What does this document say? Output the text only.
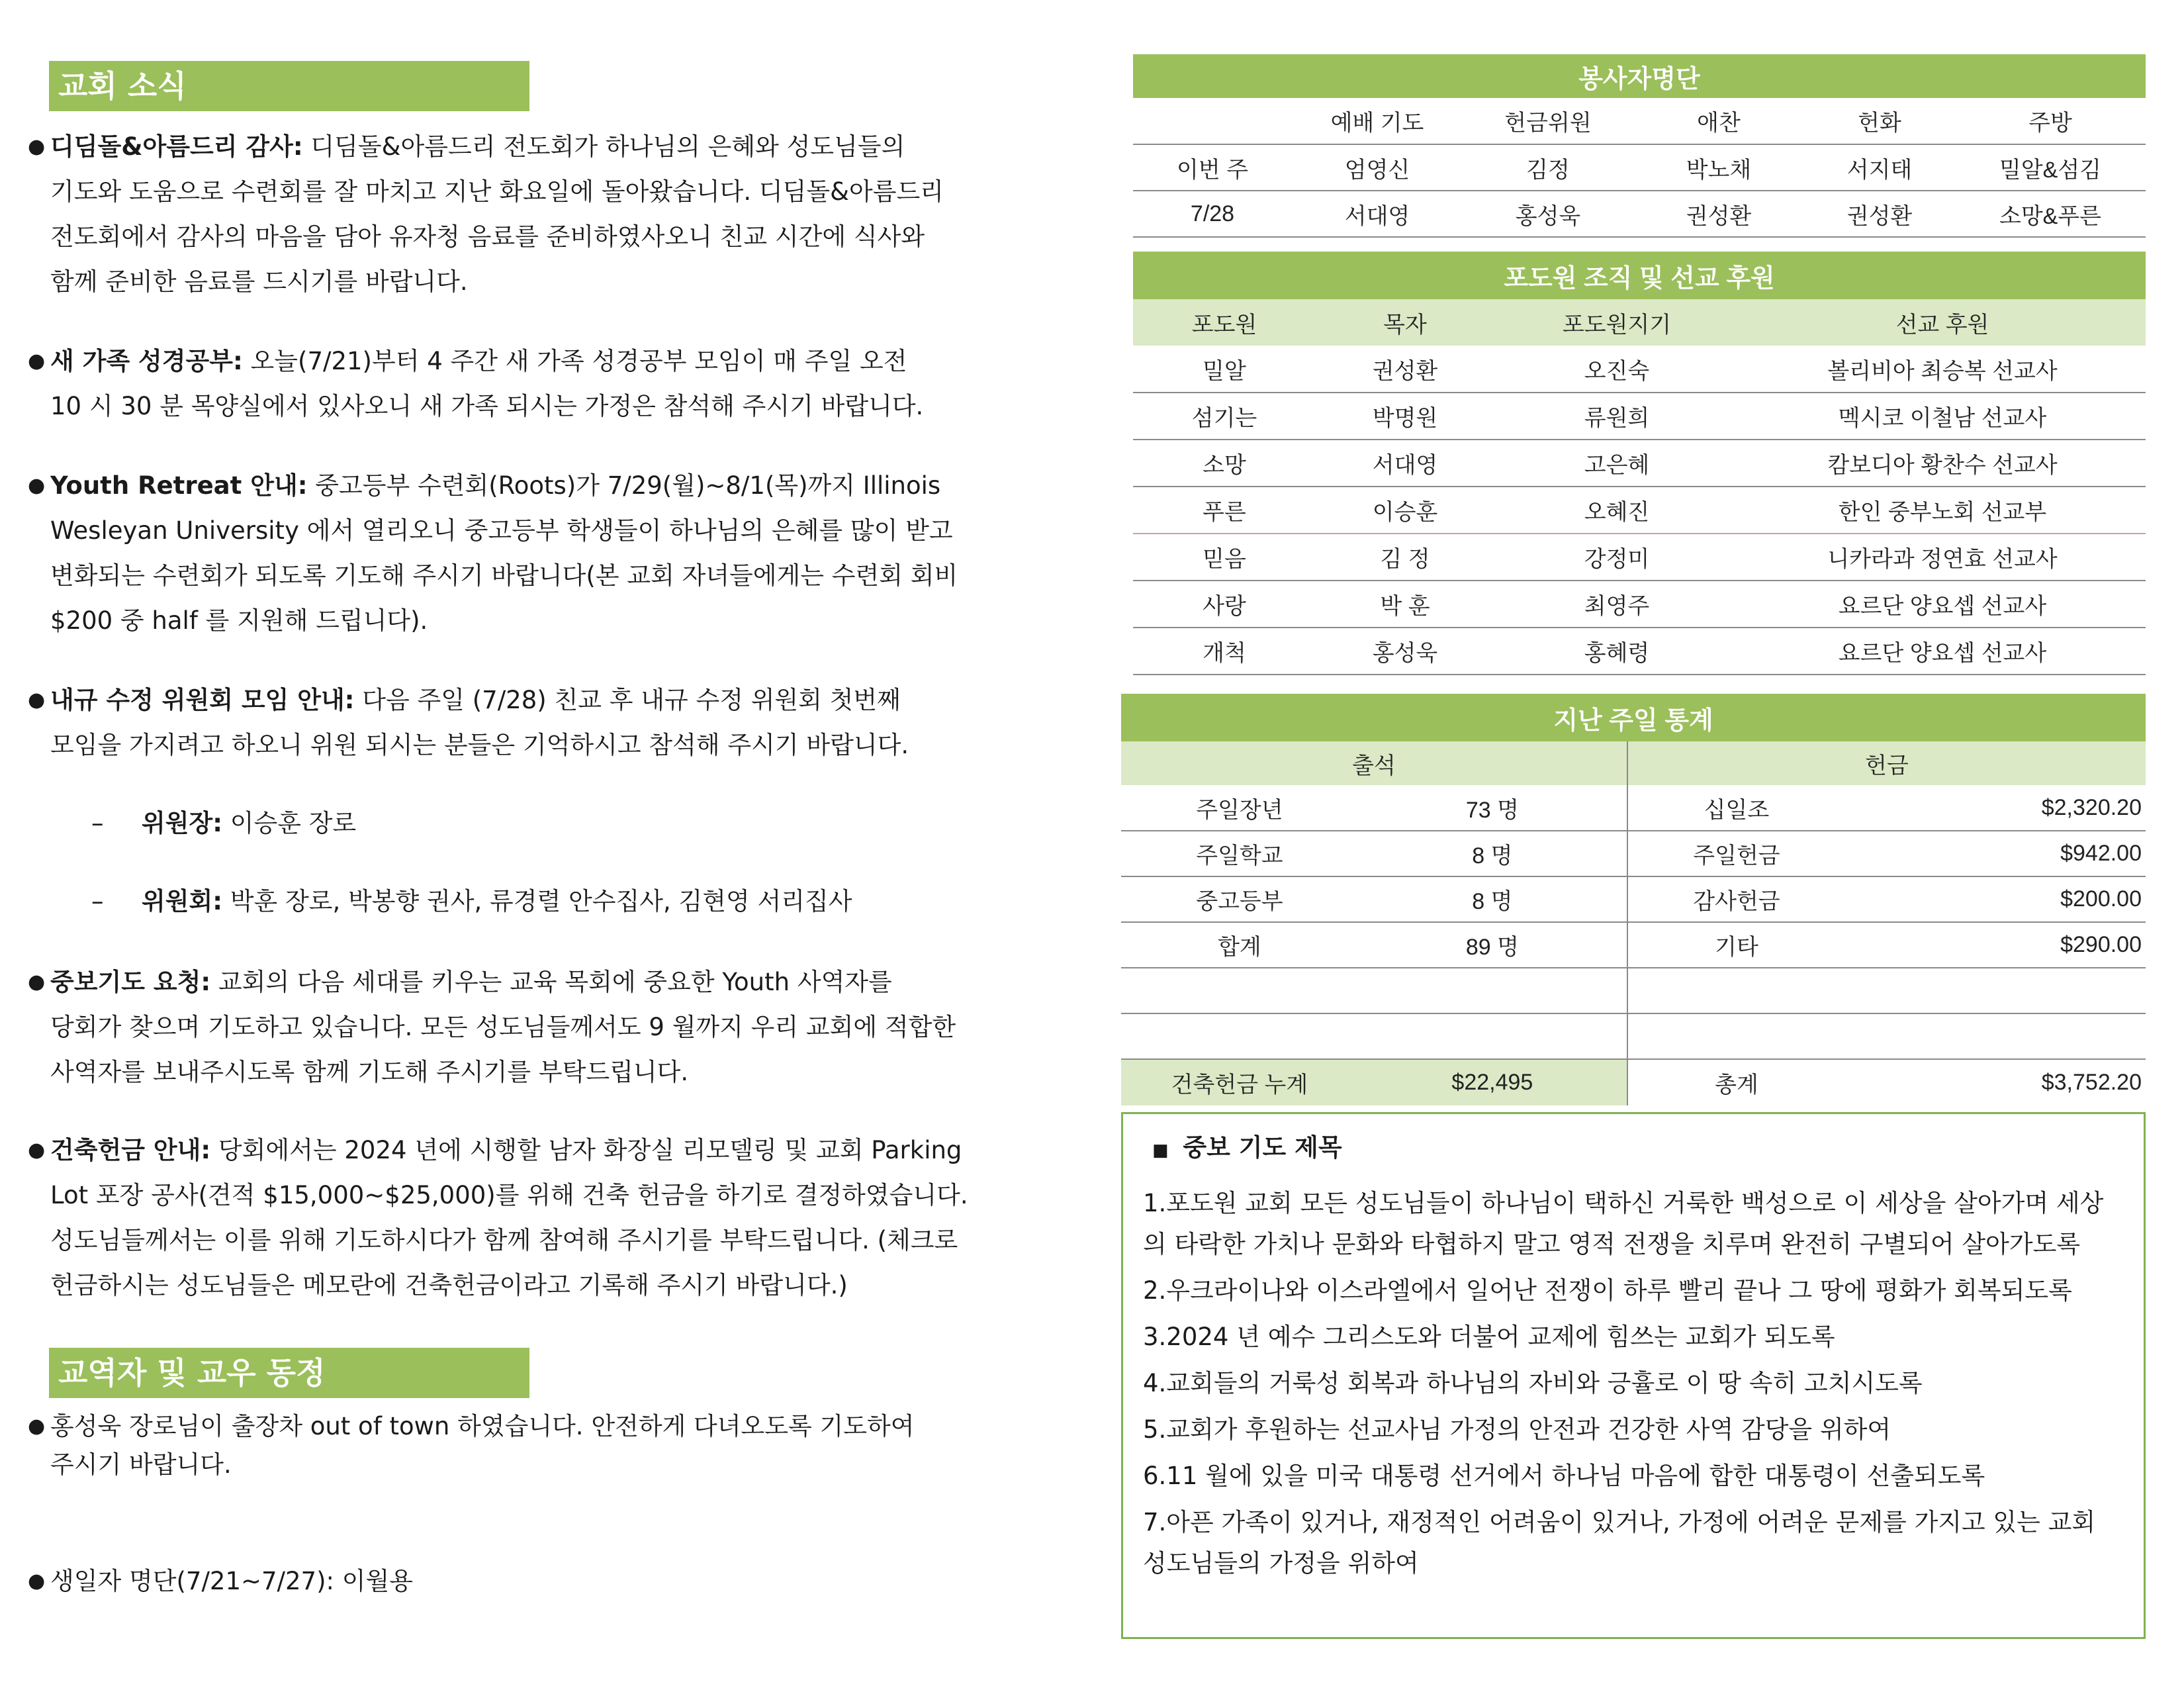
교회 소식
● 디딤돌&아름드리 감사: 디딤돌&아름드리 전도회가 하나님의 은혜와 성도님들의
기도와 도움으로 수련회를 잘 마치고 지난 화요일에 돌아왔습니다. 디딤돌&아름드리
전도회에서 감사의 마음을 담아 유자청 음료를 준비하였사오니 친교 시간에 식사와
함께 준비한 음료를 드시기를 바랍니다.
● 새 가족 성경공부: 오늘(7/21)부터 4 주간 새 가족 성경공부 모임이 매 주일 오전
10 시 30 분 목양실에서 있사오니 새 가족 되시는 가정은 참석해 주시기 바랍니다.
● Youth Retreat 안내: 중고등부 수련회(Roots)가 7/29(월)~8/1(목)까지 Illinois
Wesleyan University 에서 열리오니 중고등부 학생들이 하나님의 은혜를 많이 받고
변화되는 수련회가 되도록 기도해 주시기 바랍니다(본 교회 자녀들에게는 수련회 회비
$200 중 half 를 지원해 드립니다).
● 내규 수정 위원회 모임 안내: 다음 주일 (7/28) 친교 후 내규 수정 위원회 첫번째
모임을 가지려고 하오니 위원 되시는 분들은 기억하시고 참석해 주시기 바랍니다.
– 위원장: 이승훈 장로
– 위원회: 박훈 장로, 박봉향 권사, 류경렬 안수집사, 김현영 서리집사
● 중보기도 요청: 교회의 다음 세대를 키우는 교육 목회에 중요한 Youth 사역자를
당회가 찾으며 기도하고 있습니다. 모든 성도님들께서도 9 월까지 우리 교회에 적합한
사역자를 보내주시도록 함께 기도해 주시기를 부탁드립니다.
● 건축헌금 안내: 당회에서는 2024 년에 시행할 남자 화장실 리모델링 및 교회 Parking
Lot 포장 공사(견적 $15,000~$25,000)를 위해 건축 헌금을 하기로 결정하였습니다.
성도님들께서는 이를 위해 기도하시다가 함께 참여해 주시기를 부탁드립니다. (체크로
헌금하시는 성도님들은 메모란에 건축헌금이라고 기록해 주시기 바랍니다.)
교역자 및 교우 동정
● 홍성욱 장로님이 출장차 out of town 하였습니다. 안전하게 다녀오도록 기도하여
주시기 바랍니다.
● 생일자 명단(7/21~7/27): 이월용
봉사자명단					
	예배 기도	헌금위원	애찬	헌화	주방
이번 주	엄영신	김정	박노채	서지태	밀알&섬김
7/28	서대영	홍성욱	권성환	권성환	소망&푸른
포도원 조직 및 선교 후원			
포도원	목자	포도원지기	선교 후원
밀알	권성환	오진숙	볼리비아 최승복 선교사
섬기는	박명원	류원희	멕시코 이철남 선교사
소망	서대영	고은혜	캄보디아 황찬수 선교사
푸른	이승훈	오혜진	한인 중부노회 선교부
믿음	김 정	강정미	니카라과 정연효 선교사
사랑	박 훈	최영주	요르단 양요셉 선교사
개척	홍성욱	홍혜령	요르단 양요셉 선교사
지난 주일 통계			
출석		헌금	
주일장년	73 명	십일조	$2,320.20
주일학교	8 명	주일헌금	$942.00
중고등부	8 명	감사헌금	$200.00
합계	89 명	기타	$290.00

건축헌금 누계	$22,495	총계	$3,752.20
■ 중보 기도 제목
1.포도원 교회 모든 성도님들이 하나님이 택하신 거룩한 백성으로 이 세상을 살아가며 세상의 타락한 가치나 문화와 타협하지 말고 영적 전쟁을 치루며 완전히 구별되어 살아가도록
2.우크라이나와 이스라엘에서 일어난 전쟁이 하루 빨리 끝나 그 땅에 평화가 회복되도록
3.2024 년 예수 그리스도와 더불어 교제에 힘쓰는 교회가 되도록
4.교회들의 거룩성 회복과 하나님의 자비와 긍휼로 이 땅 속히 고치시도록
5.교회가 후원하는 선교사님 가정의 안전과 건강한 사역 감당을 위하여
6.11 월에 있을 미국 대통령 선거에서 하나님 마음에 합한 대통령이 선출되도록
7.아픈 가족이 있거나, 재정적인 어려움이 있거나, 가정에 어려운 문제를 가지고 있는 교회 성도님들의 가정을 위하여
